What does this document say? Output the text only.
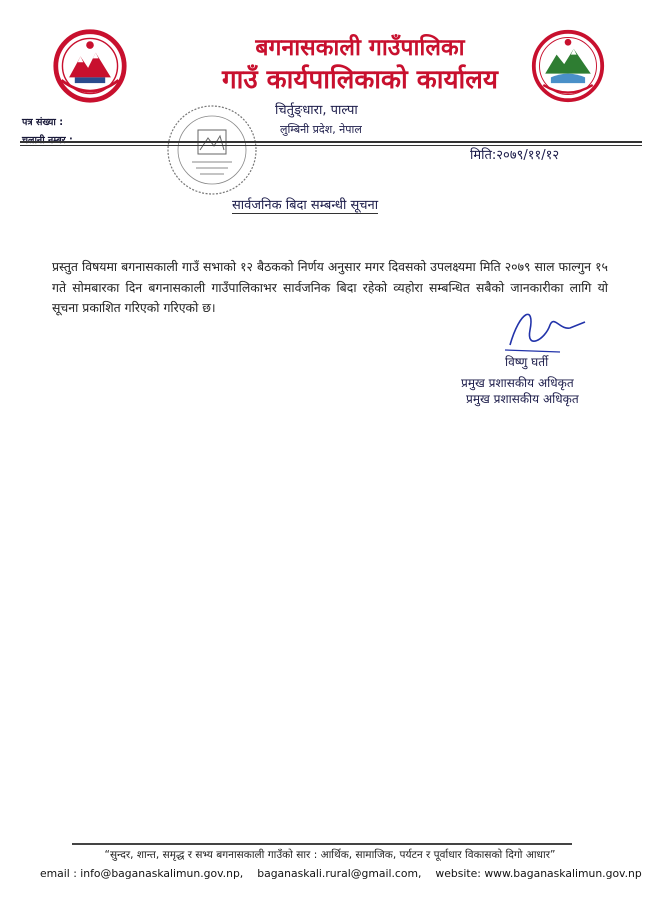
बगनासकाली गाउँपालिका
गाउँ कार्यपालिकाको कार्यालय
चिर्तुङ्धारा, पाल्पा
लुम्बिनी प्रदेश, नेपाल
पत्र संख्या :
मिति:२०७९/११/१२
सार्वजनिक बिदा सम्बन्धी सूचना
प्रस्तुत विषयमा बगनासकाली गाउँ सभाको १२ बैठकको निर्णय अनुसार मगर दिवसको उपलक्ष्यमा मिति २०७९ साल फाल्गुन १५ गते सोमबारका दिन बगनासकाली गाउँपालिकाभर सार्वजनिक बिदा रहेको व्यहोरा सम्बन्धित सबैको जानकारीका लागि यो सूचना प्रकाशित गरिएको गरिएको छ।
विष्णु घर्ती
प्रमुख प्रशासकीय अधिकृत
प्रमुख प्रशासकीय अधिकृत
“सुन्दर, शान्त, समृद्ध र सभ्य बगनासकाली गाउँको सार : आर्थिक, सामाजिक, पर्यटन र पूर्वाधार विकासको दिगो आधार”
email : info@baganaskalimun.gov.np, baganaskali.rural@gmail.com, website: www.baganaskalimun.gov.np
